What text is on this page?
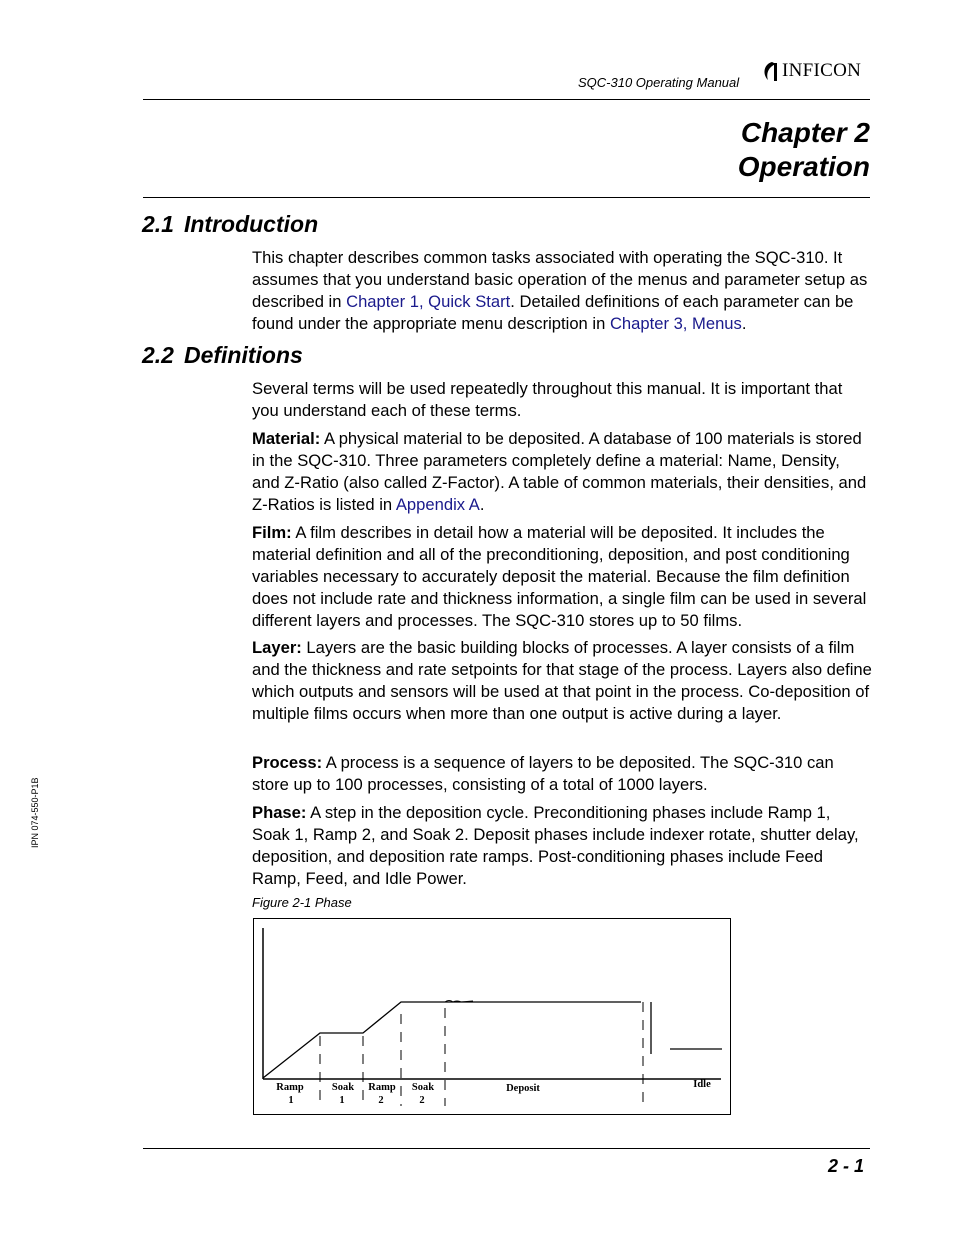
SQC-310 Operating Manual
INFICON
Chapter 2
Operation
2.1 Introduction
This chapter describes common tasks associated with operating the SQC-310. It assumes that you understand basic operation of the menus and parameter setup as described in Chapter 1, Quick Start. Detailed definitions of each parameter can be found under the appropriate menu description in Chapter 3, Menus.
2.2 Definitions
Several terms will be used repeatedly throughout this manual. It is important that you understand each of these terms.
Material: A physical material to be deposited. A database of 100 materials is stored in the SQC-310. Three parameters completely define a material: Name, Density, and Z-Ratio (also called Z-Factor). A table of common materials, their densities, and Z-Ratios is listed in Appendix A.
Film: A film describes in detail how a material will be deposited. It includes the material definition and all of the preconditioning, deposition, and post conditioning variables necessary to accurately deposit the material. Because the film definition does not include rate and thickness information, a single film can be used in several different layers and processes. The SQC-310 stores up to 50 films.
Layer: Layers are the basic building blocks of processes. A layer consists of a film and the thickness and rate setpoints for that stage of the process. Layers also define which outputs and sensors will be used at that point in the process. Co-deposition of multiple films occurs when more than one output is active during a layer.
Process: A process is a sequence of layers to be deposited. The SQC-310 can store up to 100 processes, consisting of a total of 1000 layers.
Phase: A step in the deposition cycle. Preconditioning phases include Ramp 1, Soak 1, Ramp 2, and Soak 2. Deposit phases include indexer rotate, shutter delay, deposition, and deposition rate ramps. Post-conditioning phases include Feed Ramp, Feed, and Idle Power.
Figure 2-1 Phase
Ramp
1
Soak
1
Ramp
2
Soak
2
Deposit	Idle
IPN 074-550-P1B
2 - 1
